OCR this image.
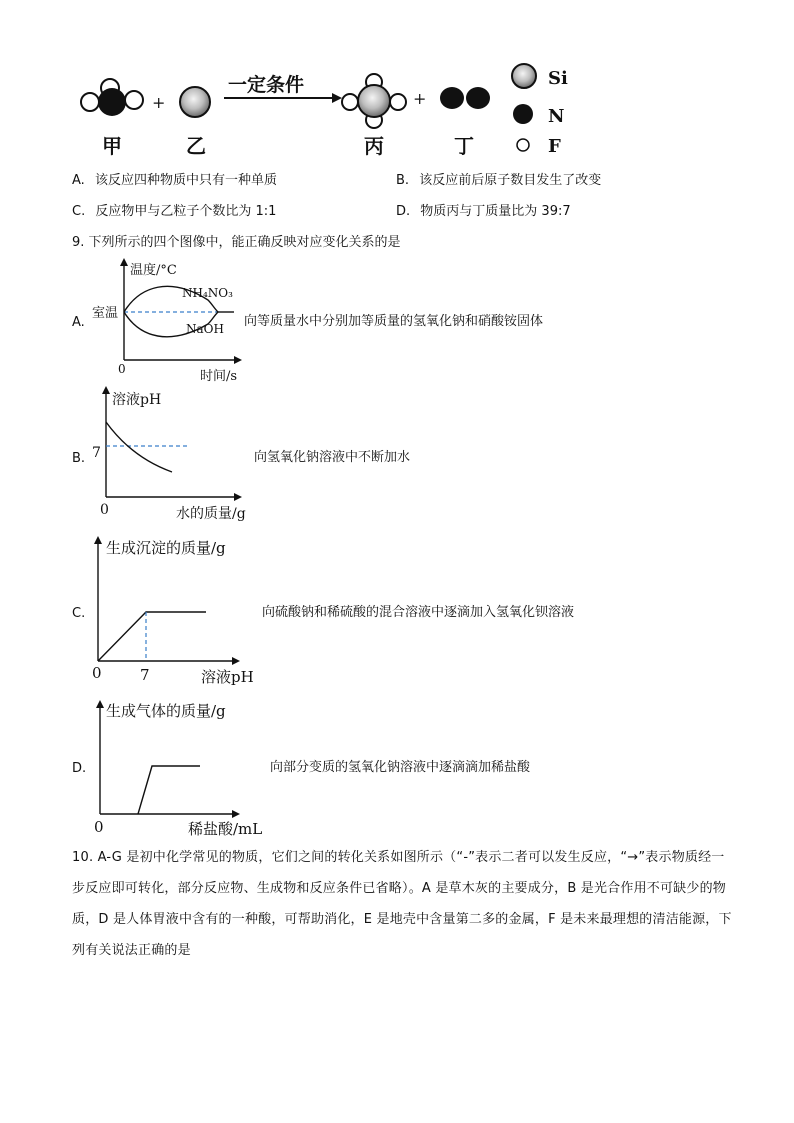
+
一定条件
+
Si
N
F
甲	乙	丙	丁
A. 该反应四种物质中只有一种单质	B. 该反应前后原子数目发生了改变
C. 反应物甲与乙粒子个数比为 1:1	D. 物质丙与丁质量比为 39:7
9. 下列所示的四个图像中，能正确反映对应变化关系的是
A.
温度/°C
室温
NH₄NO₃
NaOH
0	时间/s
向等质量水中分别加等质量的氢氧化钠和硝酸铵固体
B.
溶液pH
7
0	水的质量/g
向氢氧化钠溶液中不断加水
C.
生成沉淀的质量/g
0	7	溶液pH
向硫酸钠和稀硫酸的混合溶液中逐滴加入氢氧化钡溶液
D.
生成气体的质量/g
0	稀盐酸/mL
向部分变质的氢氧化钠溶液中逐滴滴加稀盐酸
10. A-G 是初中化学常见的物质，它们之间的转化关系如图所示（“-”表示二者可以发生反应，“→”表示物质经一步反应即可转化，部分反应物、生成物和反应条件已省略）。A 是草木灰的主要成分，B 是光合作用不可缺少的物质，D 是人体胃液中含有的一种酸，可帮助消化，E 是地壳中含量第二多的金属，F 是未来最理想的清洁能源，下列有关说法正确的是
